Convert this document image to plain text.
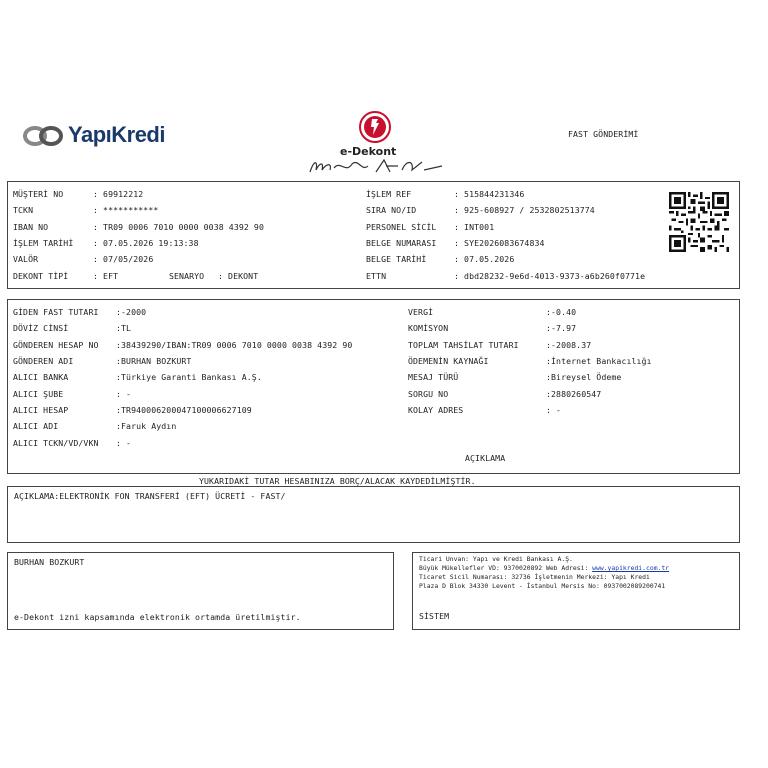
YapıKredi
e-Dekont
FAST GÖNDERİMİ
MÜŞTERİ NO	: 69912212
TCKN	: ***********
IBAN NO	: TR09 0006 7010 0000 0038 4392 90
İŞLEM TARİHİ : 07.05.2026 19:13:38
VALÖR	: 07/05/2026
DEKONT TİPİ	: EFT	SENARYO : DEKONT
İŞLEM REF	: 515844231346
SIRA NO/ID	: 925-608927 / 2532802513774
PERSONEL SİCİL : INT001
BELGE NUMARASI : SYE2026083674834
BELGE TARİHİ	: 07.05.2026
ETTN	: dbd28232-9e6d-4013-9373-a6b260f0771e
GİDEN FAST TUTARI :-2000
DÖVİZ CİNSİ	:TL
GÖNDEREN HESAP NO :38439290/IBAN:TR09 0006 7010 0000 0038 4392 90
GÖNDEREN ADI	:BURHAN BOZKURT
ALICI BANKA	:Türkiye Garanti Bankası A.Ş.
ALICI ŞUBE	: -
ALICI HESAP	:TR940006200047100006627109
ALICI ADI	:Faruk Aydın
ALICI TCKN/VD/VKN : -
VERGİ	:-0.40
KOMİSYON	:-7.97
TOPLAM TAHSİLAT TUTARI	:-2008.37
ÖDEMENİN KAYNAĞI	:İnternet Bankacılığı
MESAJ TÜRÜ	:Bireysel Ödeme
SORGU NO	:2880260547
KOLAY ADRES	: -
AÇIKLAMA
YUKARIDAKİ TUTAR HESABINIZA BORÇ/ALACAK KAYDEDİLMİŞTİR.
AÇIKLAMA:ELEKTRONİK FON TRANSFERİ (EFT) ÜCRETİ - FAST/
BURHAN BOZKURT
e-Dekont izni kapsamında elektronik ortamda üretilmiştir.
Ticari Unvan: Yapı ve Kredi Bankası A.Ş.
Büyük Mükellefler VD: 9370020892 Web Adresi: www.yapikredi.com.tr
Ticaret Sicil Numarası: 32736 İşletmenin Merkezi: Yapı Kredi
Plaza D Blok 34330 Levent - İstanbul Mersis No: 0937002089200741
SİSTEM
